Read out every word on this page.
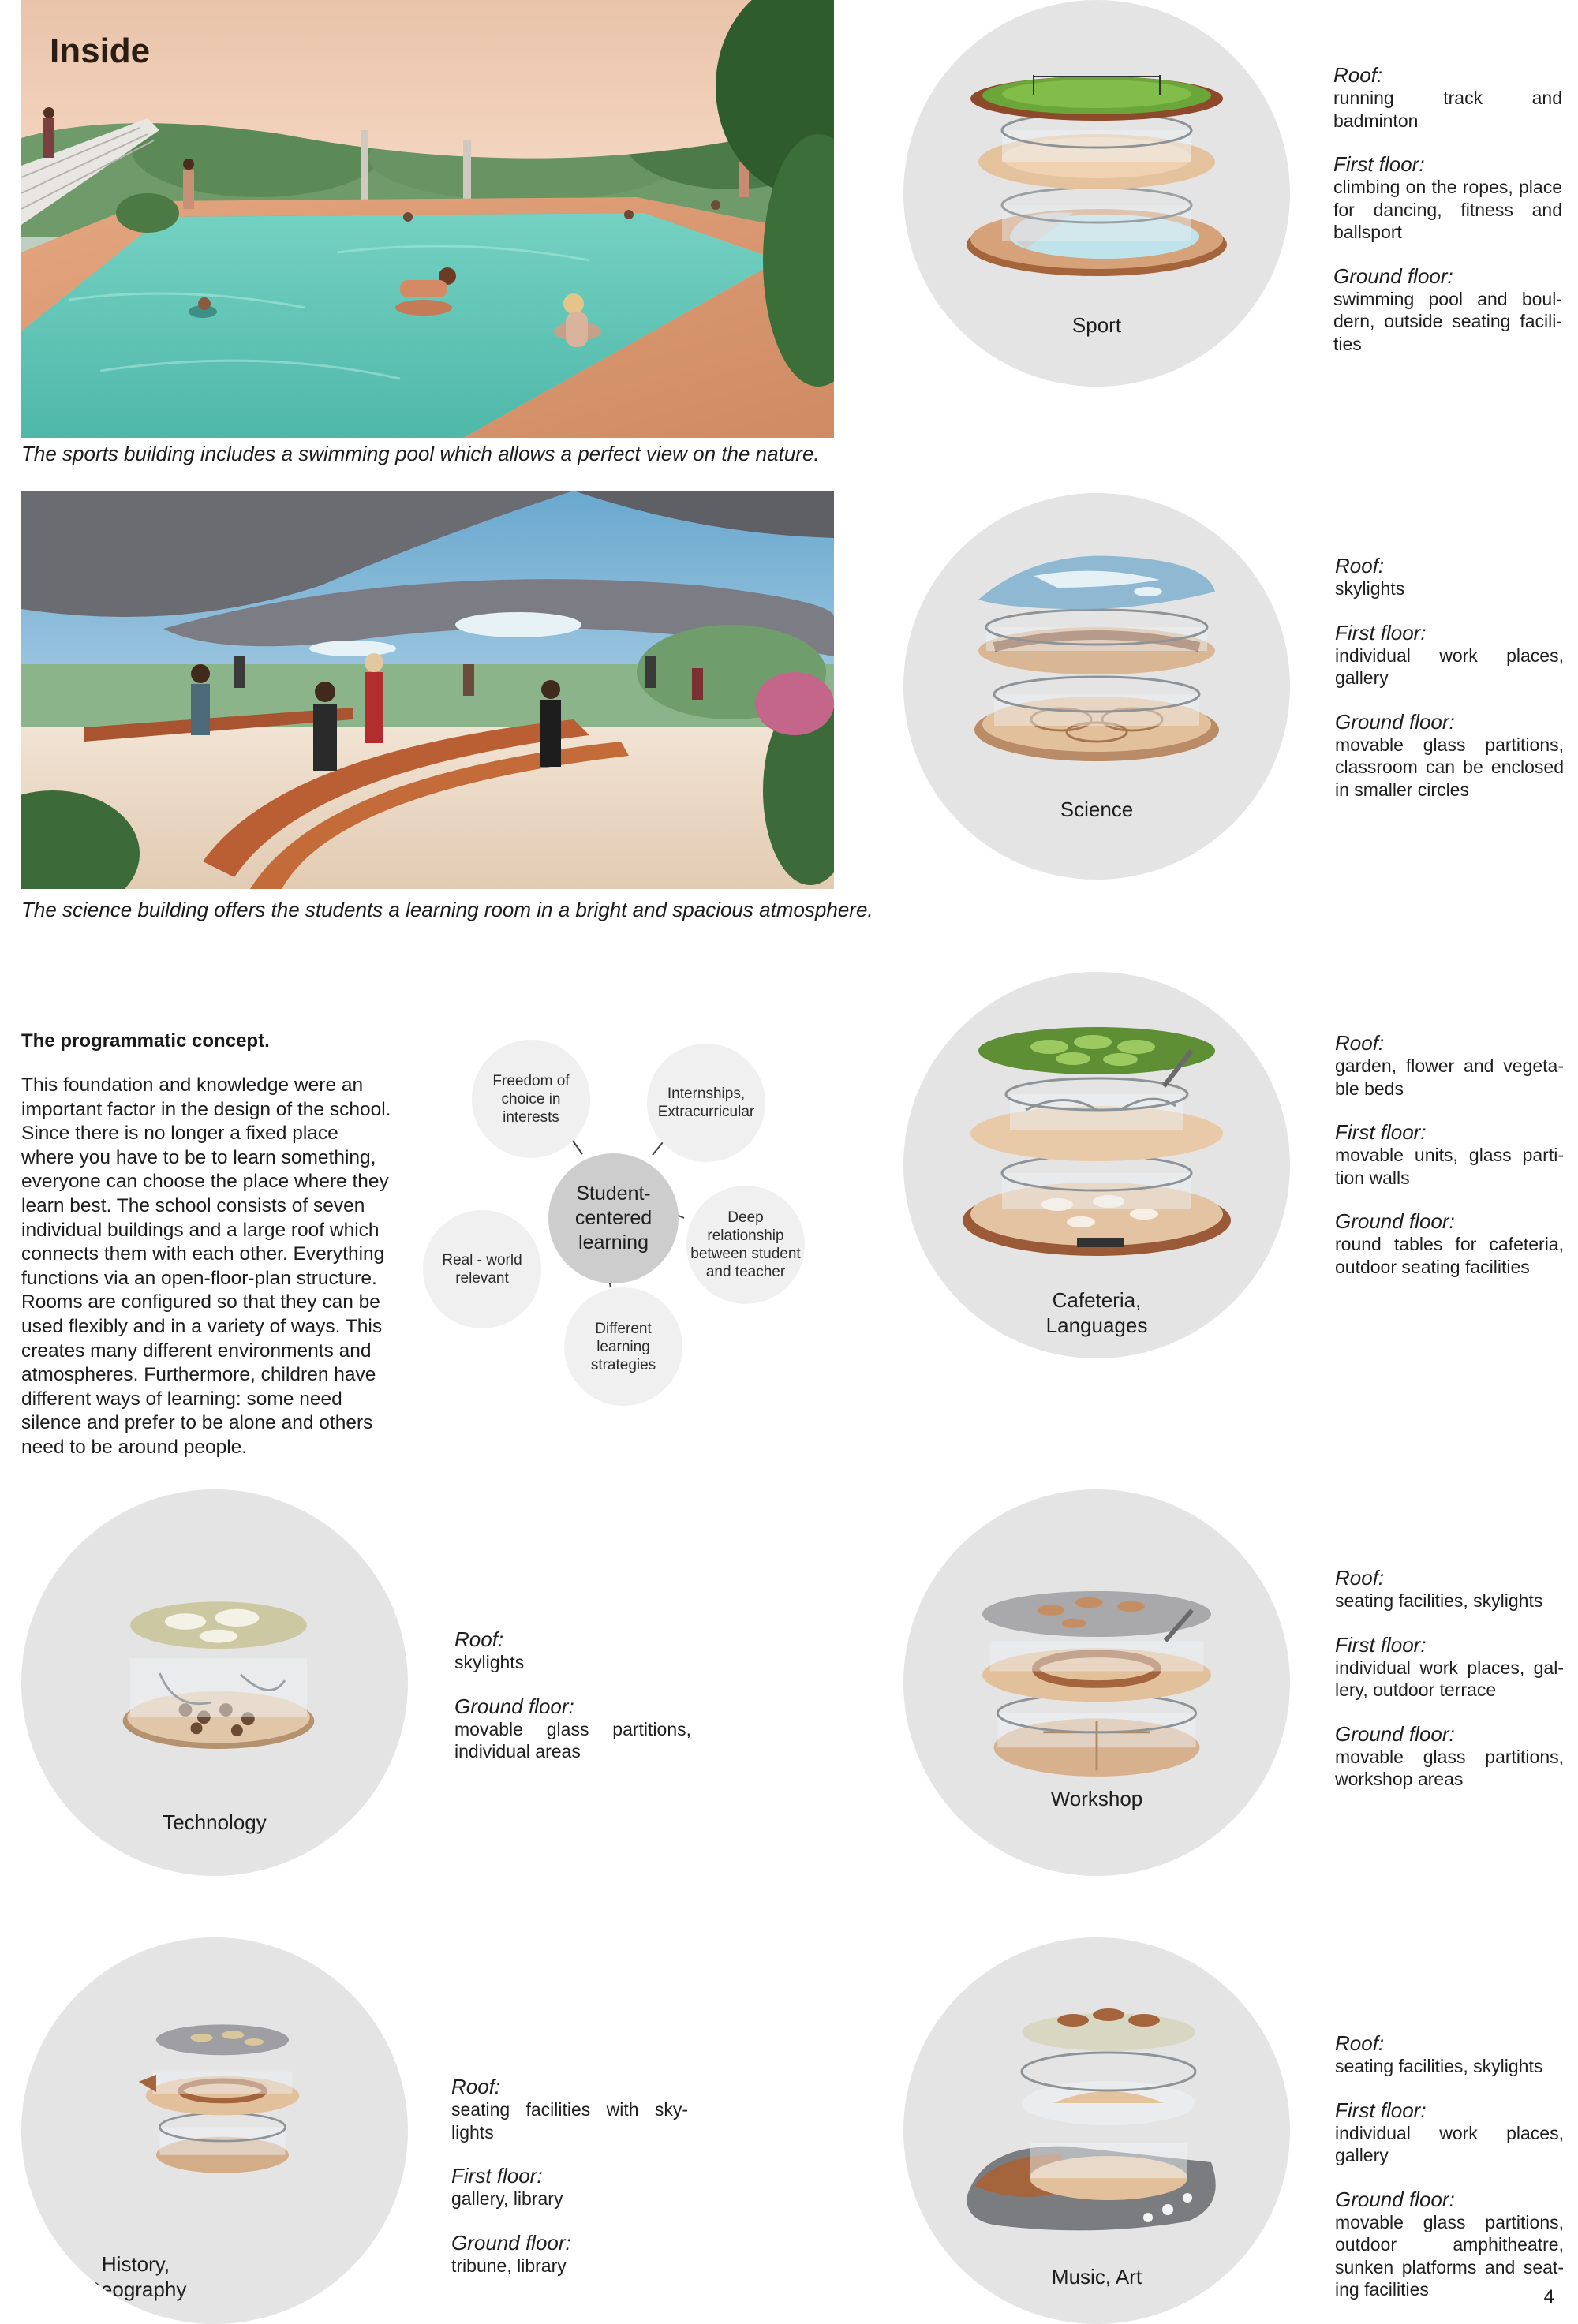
Inside
The sports building includes a swimming pool which allows a perfect view on the nature.
The science building offers the students a learning room in a bright and spacious atmosphere.
Sport
Roof:
running track and badminton
First floor:
climbing on the ropes, place for dancing, fitness and ballsport
Ground floor:
swimming pool and boul-dern, outside seating facili-ties
Science
Roof:
skylights
First floor:
individual work places, gallery
Ground floor:
movable glass partitions, classroom can be enclosed in smaller circles
The programmatic concept.

This foundation and knowledge were an important factor in the design of the school. Since there is no longer a fixed place where you have to be to learn something, everyone can choose the place where they learn best. The school consists of seven individual buildings and a large roof which connects them with each other. Everything functions via an open-floor-plan structure. Rooms are configured so that they can be used flexibly and in a variety of ways. This creates many different environments and atmospheres. Furthermore, children have different ways of learning: some need silence and prefer to be alone and others need to be around people.

Freedom of
choice in
interests
Internships,
Extracurricular
Student-
centered
learning
Deep
relationship
between student
and teacher
Real - world
relevant
Different
learning
strategies
Cafeteria,
Languages
Roof:
garden, flower and vegeta-ble beds
First floor:
movable units, glass parti-tion walls
Ground floor:
round tables for cafeteria, outdoor seating facilities
Technology
Roof:
skylights
Ground floor:
movable glass partitions, individual areas
Workshop
Roof:
seating facilities, skylights
First floor:
individual work places, gal-lery, outdoor terrace
Ground floor:
movable glass partitions, workshop areas
History,
Geography
Roof:
seating facilities with sky-lights
First floor:
gallery, library
Ground floor:
tribune, library	Music, Art
Roof:
seating facilities, skylights
First floor:
individual work places, gallery
Ground floor:
movable glass partitions, outdoor amphitheatre, sunken platforms and seat-ing facilities	4
